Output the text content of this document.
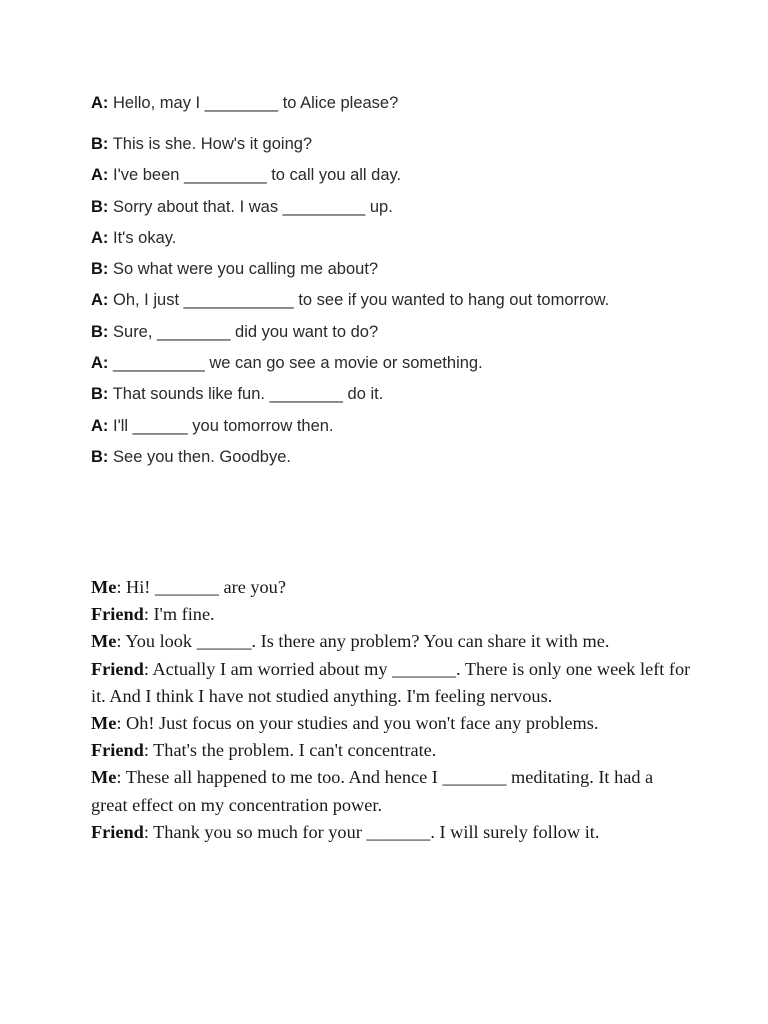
A: Hello, may I ________ to Alice please?
B: This is she. How's it going?
A: I've been _________ to call you all day.
B: Sorry about that. I was _________ up.
A: It's okay.
B: So what were you calling me about?
A: Oh, I just ____________ to see if you wanted to hang out tomorrow.
B: Sure, ________ did you want to do?
A: __________ we can go see a movie or something.
B: That sounds like fun. ________ do it.
A: I'll ______ you tomorrow then.
B: See you then. Goodbye.

Me: Hi! _______ are you?

Friend: I'm fine.

Me: You look ______. Is there any problem? You can share it with me.

Friend: Actually I am worried about my _______. There is only one week left for it. And I think I have not studied anything. I'm feeling nervous.

Me: Oh! Just focus on your studies and you won't face any problems.

Friend: That's the problem. I can't concentrate.

Me: These all happened to me too. And hence I _______ meditating. It had a great effect on my concentration power.

Friend: Thank you so much for your _______. I will surely follow it.
